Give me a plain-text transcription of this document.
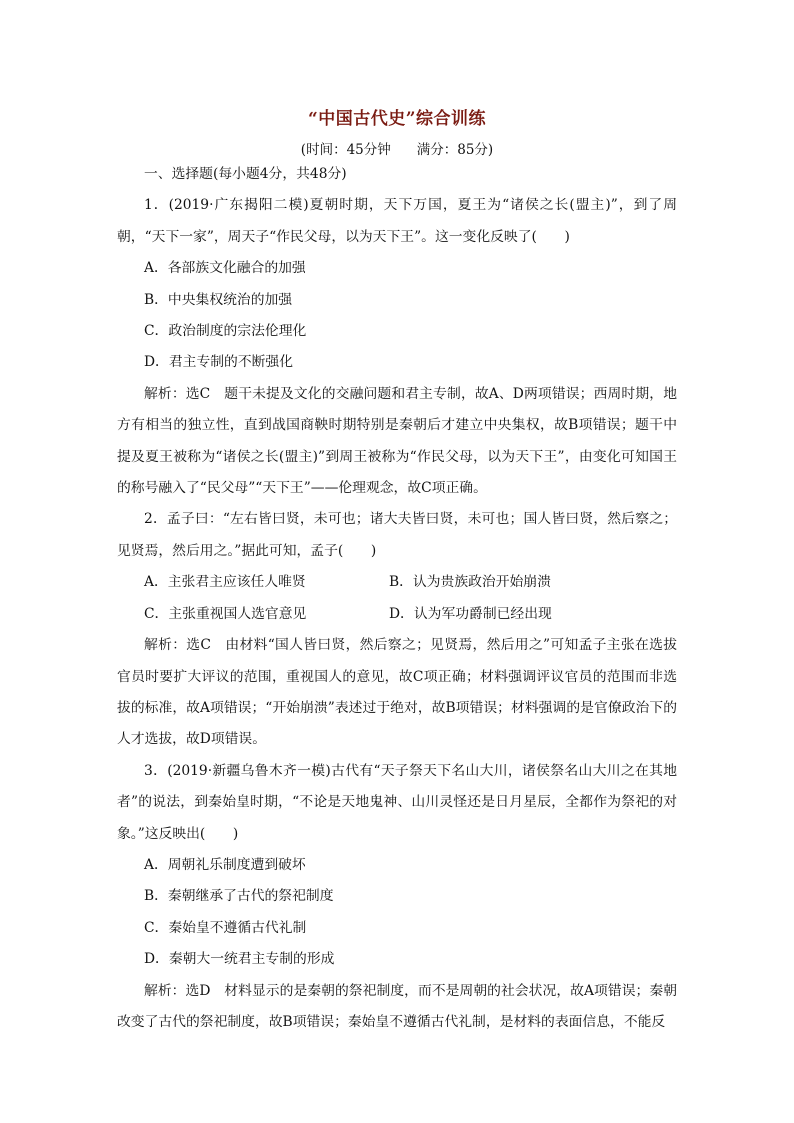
“中国古代史”综合训练
(时间：45分钟 满分：85分)

一、选择题(每小题4分，共48分)

1．(2019·广东揭阳二模)夏朝时期，天下万国，夏王为“诸侯之长(盟主)”，到了周朝，“天下一家”，周天子“作民父母，以为天下王”。这一变化反映了(　　)

A．各部族文化融合的加强

B．中央集权统治的加强

C．政治制度的宗法伦理化

D．君主专制的不断强化

解析：选C　题干未提及文化的交融问题和君主专制，故A、D两项错误；西周时期，地方有相当的独立性，直到战国商鞅时期特别是秦朝后才建立中央集权，故B项错误；题干中提及夏王被称为“诸侯之长(盟主)”到周王被称为“作民父母，以为天下王”，由变化可知国王的称号融入了“民父母”“天下王”——伦理观念，故C项正确。

2．孟子曰：“左右皆曰贤，未可也；诸大夫皆曰贤，未可也；国人皆曰贤，然后察之；见贤焉，然后用之。”据此可知，孟子(　　)

A．主张君主应该任人唯贤	B．认为贵族政治开始崩溃
C．主张重视国人选官意见	D．认为军功爵制已经出现

解析：选C　由材料“国人皆曰贤，然后察之；见贤焉，然后用之”可知孟子主张在选拔官员时要扩大评议的范围，重视国人的意见，故C项正确；材料强调评议官员的范围而非选拔的标准，故A项错误；“开始崩溃”表述过于绝对，故B项错误；材料强调的是官僚政治下的人才选拔，故D项错误。

3．(2019·新疆乌鲁木齐一模)古代有“天子祭天下名山大川，诸侯祭名山大川之在其地者”的说法，到秦始皇时期，“不论是天地鬼神、山川灵怪还是日月星辰，全都作为祭祀的对象。”这反映出(　　)

A．周朝礼乐制度遭到破坏

B．秦朝继承了古代的祭祀制度

C．秦始皇不遵循古代礼制

D．秦朝大一统君主专制的形成

解析：选D　材料显示的是秦朝的祭祀制度，而不是周朝的社会状况，故A项错误；秦朝改变了古代的祭祀制度，故B项错误；秦始皇不遵循古代礼制，是材料的表面信息，不能反
